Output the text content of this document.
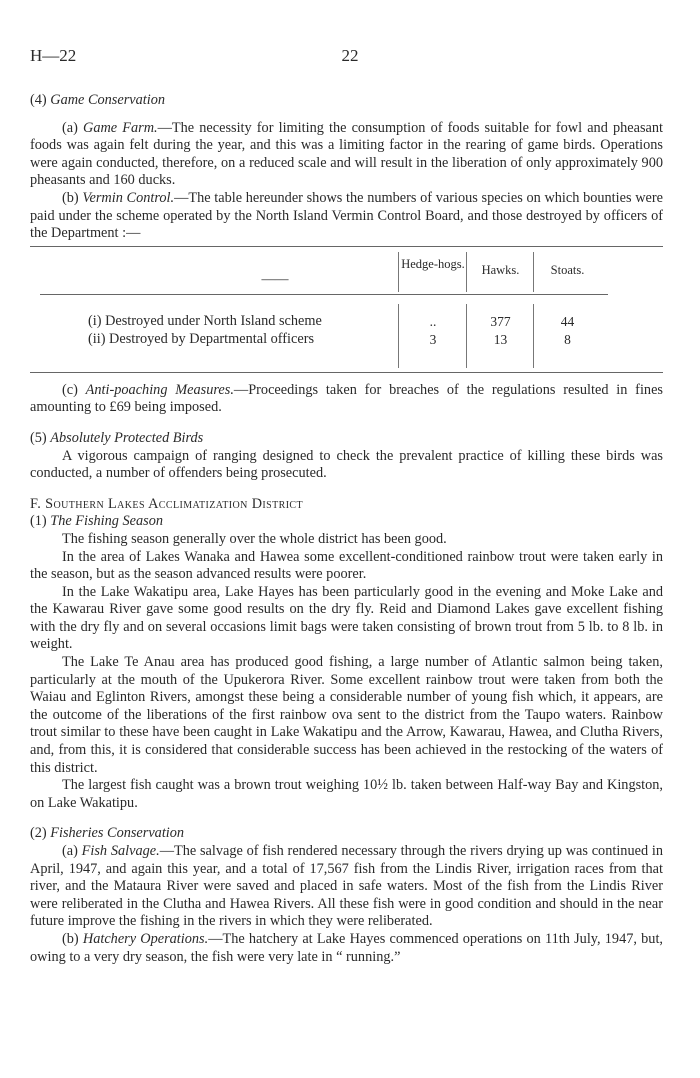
H—22	22
(4) Game Conservation

(a) Game Farm.—The necessity for limiting the consumption of foods suitable for fowl and pheasant foods was again felt during the year, and this was a limiting factor in the rearing of game birds. Operations were again conducted, therefore, on a reduced scale and will result in the liberation of only approximately 900 pheasants and 160 ducks.

(b) Vermin Control.—The table hereunder shows the numbers of various species on which bounties were paid under the scheme operated by the North Island Vermin Control Board, and those destroyed by officers of the Department :—

——
Hedge-hogs.	Hawks.	Stoats.
(i) Destroyed under North Island scheme	..	377	44
(ii) Destroyed by Departmental officers	3	13	8

(c) Anti-poaching Measures.—Proceedings taken for breaches of the regulations resulted in fines amounting to £69 being imposed.

(5) Absolutely Protected Birds

A vigorous campaign of ranging designed to check the prevalent practice of killing these birds was conducted, a number of offenders being prosecuted.

F. Southern Lakes Acclimatization District
(1) The Fishing Season

The fishing season generally over the whole district has been good.

In the area of Lakes Wanaka and Hawea some excellent-conditioned rainbow trout were taken early in the season, but as the season advanced results were poorer.

In the Lake Wakatipu area, Lake Hayes has been particularly good in the evening and Moke Lake and the Kawarau River gave some good results on the dry fly. Reid and Diamond Lakes gave excellent fishing with the dry fly and on several occasions limit bags were taken consisting of brown trout from 5 lb. to 8 lb. in weight.

The Lake Te Anau area has produced good fishing, a large number of Atlantic salmon being taken, particularly at the mouth of the Upukerora River. Some excellent rainbow trout were taken from both the Waiau and Eglinton Rivers, amongst these being a considerable number of young fish which, it appears, are the outcome of the liberations of the first rainbow ova sent to the district from the Taupo waters. Rainbow trout similar to these have been caught in Lake Wakatipu and the Arrow, Kawarau, Hawea, and Clutha Rivers, and, from this, it is considered that considerable success has been achieved in the restocking of the waters of this district.

The largest fish caught was a brown trout weighing 10½ lb. taken between Half-way Bay and Kingston, on Lake Wakatipu.

(2) Fisheries Conservation

(a) Fish Salvage.—The salvage of fish rendered necessary through the rivers drying up was continued in April, 1947, and again this year, and a total of 17,567 fish from the Lindis River, irrigation races from that river, and the Mataura River were saved and placed in safe waters. Most of the fish from the Lindis River were reliberated in the Clutha and Hawea Rivers. All these fish were in good condition and should in the near future improve the fishing in the rivers in which they were reliberated.

(b) Hatchery Operations.—The hatchery at Lake Hayes commenced operations on 11th July, 1947, but, owing to a very dry season, the fish were very late in “ running.”
